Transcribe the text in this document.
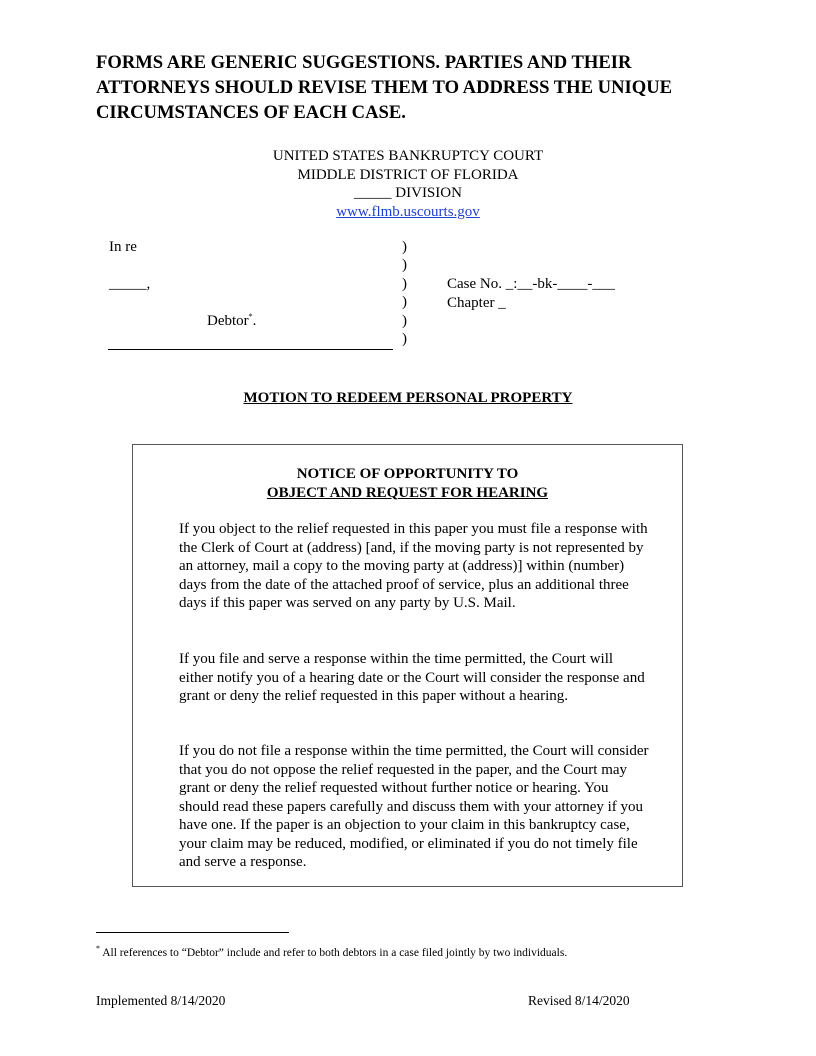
FORMS ARE GENERIC SUGGESTIONS. PARTIES AND THEIR
ATTORNEYS SHOULD REVISE THEM TO ADDRESS THE UNIQUE
CIRCUMSTANCES OF EACH CASE.
UNITED STATES BANKRUPTCY COURT
MIDDLE DISTRICT OF FLORIDA
_____ DIVISION
www.flmb.uscourts.gov
In re
_____,
Debtor*.
)
)
)
)
)
)
Case No. _:__-bk-____-___
Chapter _
MOTION TO REDEEM PERSONAL PROPERTY
NOTICE OF OPPORTUNITY TO
OBJECT AND REQUEST FOR HEARING

If you object to the relief requested in this paper you must file a response with the Clerk of Court at (address) [and, if the moving party is not represented by an attorney, mail a copy to the moving party at (address)] within (number) days from the date of the attached proof of service, plus an additional three days if this paper was served on any party by U.S. Mail.

If you file and serve a response within the time permitted, the Court will either notify you of a hearing date or the Court will consider the response and grant or deny the relief requested in this paper without a hearing.

If you do not file a response within the time permitted, the Court will consider that you do not oppose the relief requested in the paper, and the Court may grant or deny the relief requested without further notice or hearing. You should read these papers carefully and discuss them with your attorney if you have one. If the paper is an objection to your claim in this bankruptcy case, your claim may be reduced, modified, or eliminated if you do not timely file and serve a response.

* All references to “Debtor” include and refer to both debtors in a case filed jointly by two individuals.
Implemented 8/14/2020	Revised 8/14/2020
